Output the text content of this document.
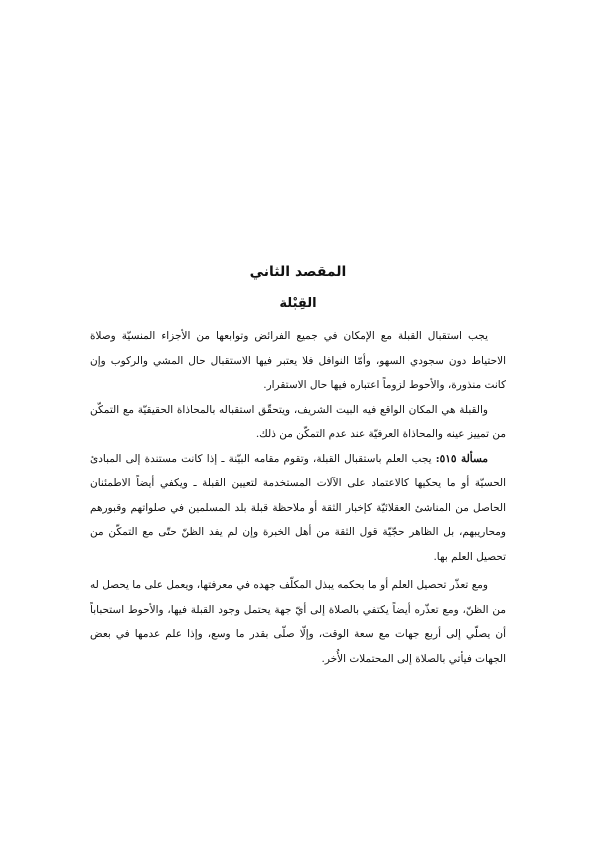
المقصد الثاني
القِبْلة

يجب استقبال القبلة مع الإمكان في جميع الفرائض وتوابعها من الأجزاء المنسيّة وصلاة الاحتياط دون سجودي السهو، وأمّا النوافل فلا يعتبر فيها الاستقبال حال المشي والركوب وإن كانت منذورة، والأحوط لزوماً اعتباره فيها حال الاستقرار.

والقبلة هي المكان الواقع فيه البيت الشريف، ويتحقّق استقباله بالمحاذاة الحقيقيّة مع التمكّن من تمييز عينه والمحاذاة العرفيّة عند عدم التمكّن من ذلك.

مسألة ٥١٥: يجب العلم باستقبال القبلة، وتقوم مقامه البيّنة ـ إذا كانت مستندة إلى المبادئ الحسيّة أو ما يحكيها كالاعتماد على الآلات المستخدمة لتعيين القبلة ـ ويكفي أيضاً الاطمئنان الحاصل من المناشئ العقلائيّة كإخبار الثقة أو ملاحظة قبلة بلد المسلمين في صلواتهم وقبورهم ومحاريبهم، بل الظاهر حجّيّة قول الثقة من أهل الخبرة وإن لم يفد الظنّ حتّى مع التمكّن من تحصيل العلم بها.

ومع تعذّر تحصيل العلم أو ما بحكمه يبذل المكلّف جهده في معرفتها، ويعمل على ما يحصل له من الظنّ، ومع تعذّره أيضاً يكتفي بالصلاة إلى أيّ جهة يحتمل وجود القبلة فيها، والأحوط استحباباً أن يصلّي إلى أربع جهات مع سعة الوقت، وإلّا صلّى بقدر ما وسع، وإذا علم عدمها في بعض الجهات فيأتي بالصلاة إلى المحتملات الأُخر.
